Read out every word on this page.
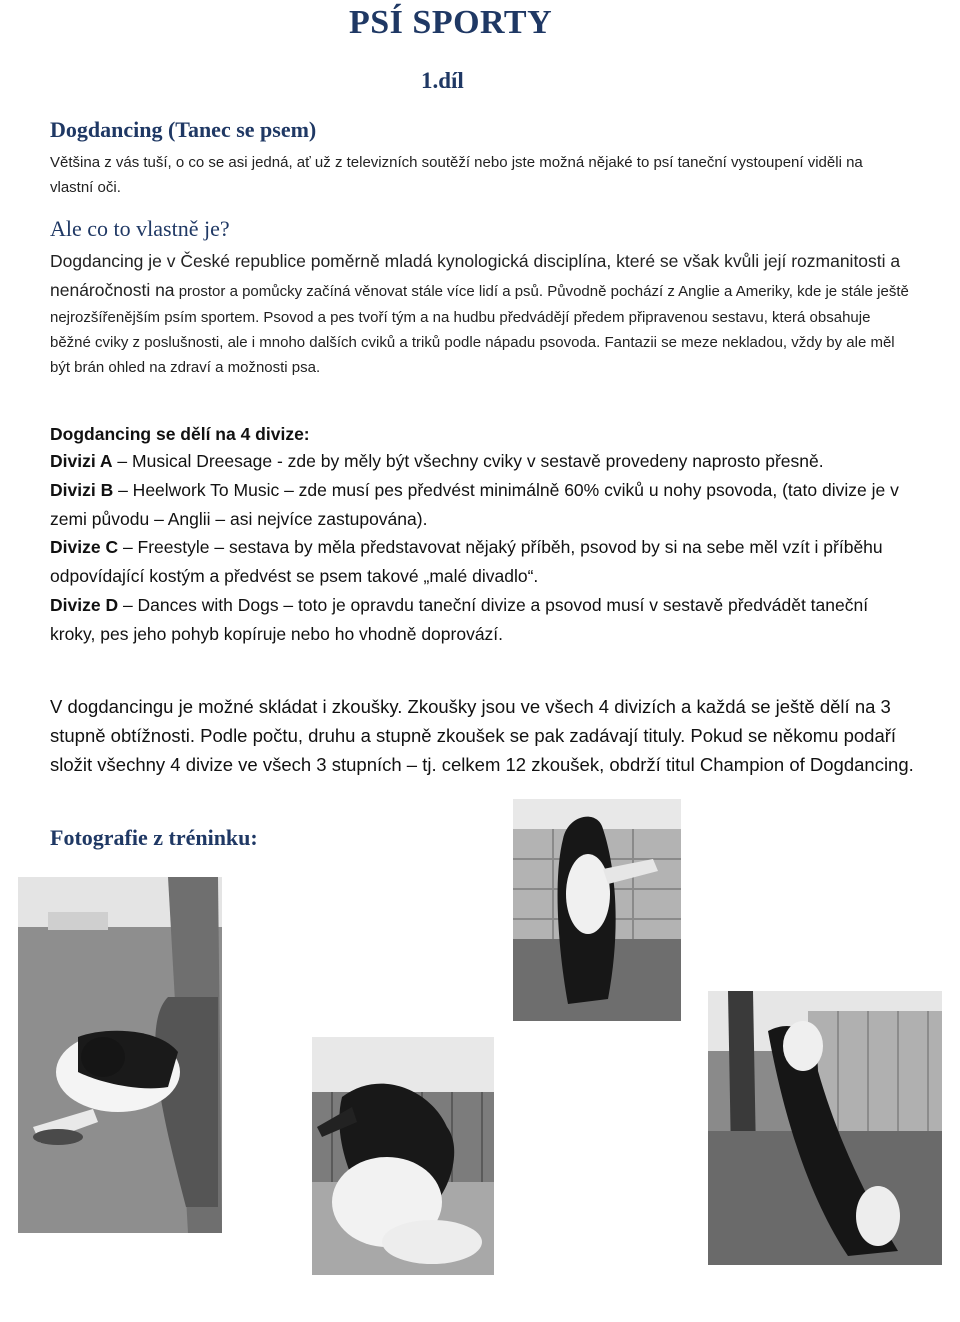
PSÍ SPORTY
1.díl
Dogdancing (Tanec se psem)

Většina z vás tuší, o co se asi jedná, ať už z televizních soutěží nebo jste možná nějaké to psí taneční vystoupení viděli na vlastní oči.

Ale co to vlastně je?

Dogdancing je v České republice poměrně mladá kynologická disciplína, které se však kvůli její rozmanitosti a nenáročnosti na prostor a pomůcky začíná věnovat stále více lidí a psů. Původně pochází z Anglie a Ameriky, kde je stále ještě nejrozšířenějším psím sportem. Psovod a pes tvoří tým a na hudbu předvádějí předem připravenou sestavu, která obsahuje běžné cviky z poslušnosti, ale i mnoho dalších cviků a triků podle nápadu psovoda. Fantazii se meze nekladou, vždy by ale měl být brán ohled na zdraví a možnosti psa.

Dogdancing se dělí na 4 divize:

Divizi A – Musical Dreesage - zde by měly být všechny cviky v sestavě provedeny naprosto přesně.

Divizi B – Heelwork To Music – zde musí pes předvést minimálně 60% cviků u nohy psovoda, (tato divize je v zemi původu – Anglii – asi nejvíce zastupována).

Divize C – Freestyle – sestava by měla představovat nějaký příběh, psovod by si na sebe měl vzít i příběhu odpovídající kostým a předvést se psem takové „malé divadlo“.

Divize D – Dances with Dogs – toto je opravdu taneční divize a psovod musí v sestavě předvádět taneční kroky, pes jeho pohyb kopíruje nebo ho vhodně doprovází.

V dogdancingu je možné skládat i zkoušky. Zkoušky jsou ve všech 4 divizích a každá se ještě dělí na 3 stupně obtížnosti. Podle počtu, druhu a stupně zkoušek se pak zadávají tituly. Pokud se někomu podaří složit všechny 4 divize ve všech 3 stupních – tj. celkem 12 zkoušek, obdrží titul Champion of Dogdancing.

Fotografie z tréninku:
